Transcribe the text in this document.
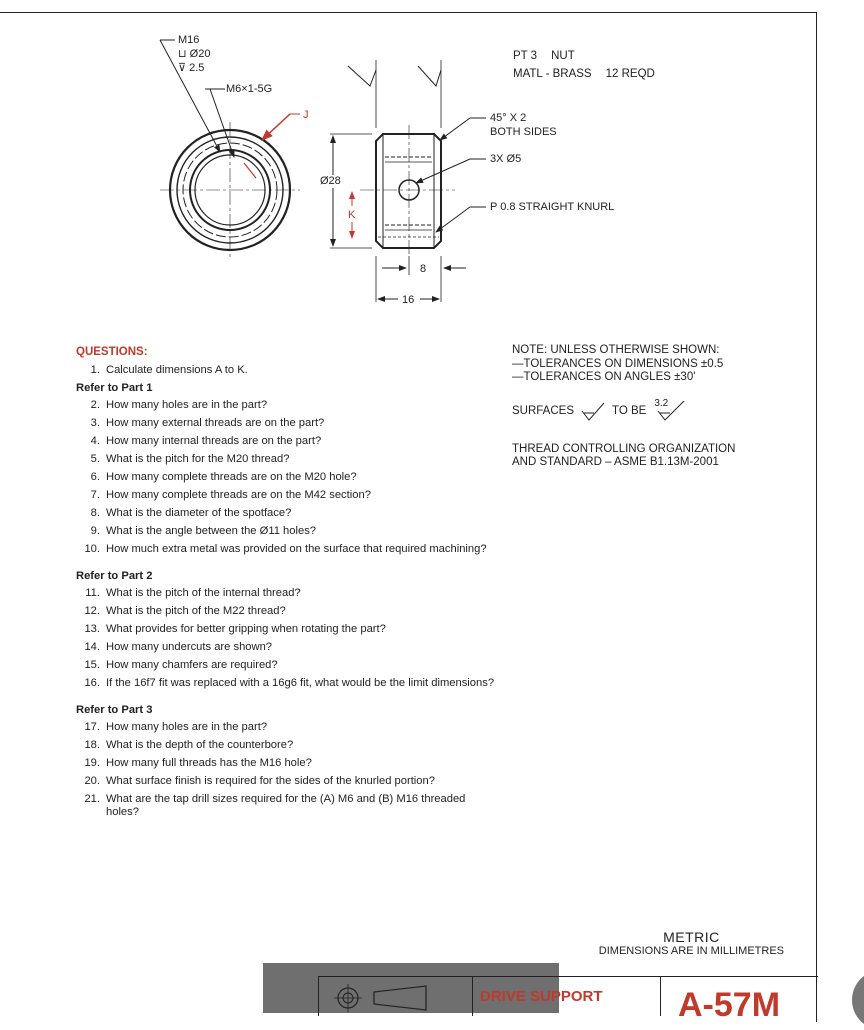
M16
⊔ Ø20
⊽ 2.5
M6×1-5G
J
Ø28
K
8
16
45° X 2
BOTH SIDES
3X Ø5
P 0.8 STRAIGHT KNURL
PT 3 NUT
MATL - BRASS 12 REQD
NOTE: UNLESS OTHERWISE SHOWN:
—TOLERANCES ON DIMENSIONS ±0.5
—TOLERANCES ON ANGLES ±30'
SURFACES	TO BE
3.2
THREAD CONTROLLING ORGANIZATION
AND STANDARD – ASME B1.13M-2001
QUESTIONS:
1. Calculate dimensions A to K.
Refer to Part 1
2. How many holes are in the part?
3. How many external threads are on the part?
4. How many internal threads are on the part?
5. What is the pitch for the M20 thread?
6. How many complete threads are on the M20 hole?
7. How many complete threads are on the M42 section?
8. What is the diameter of the spotface?
9. What is the angle between the Ø11 holes?
10. How much extra metal was provided on the surface that required machining?
Refer to Part 2
11. What is the pitch of the internal thread?
12. What is the pitch of the M22 thread?
13. What provides for better gripping when rotating the part?
14. How many undercuts are shown?
15. How many chamfers are required?
16. If the 16f7 fit was replaced with a 16g6 fit, what would be the limit dimensions?
Refer to Part 3
17. How many holes are in the part?
18. What is the depth of the counterbore?
19. How many full threads has the M16 hole?
20. What surface finish is required for the sides of the knurled portion?
21. What are the tap drill sizes required for the (A) M6 and (B) M16 threaded holes?
METRIC
DIMENSIONS ARE IN MILLIMETRES
DRIVE SUPPORT A-57M
